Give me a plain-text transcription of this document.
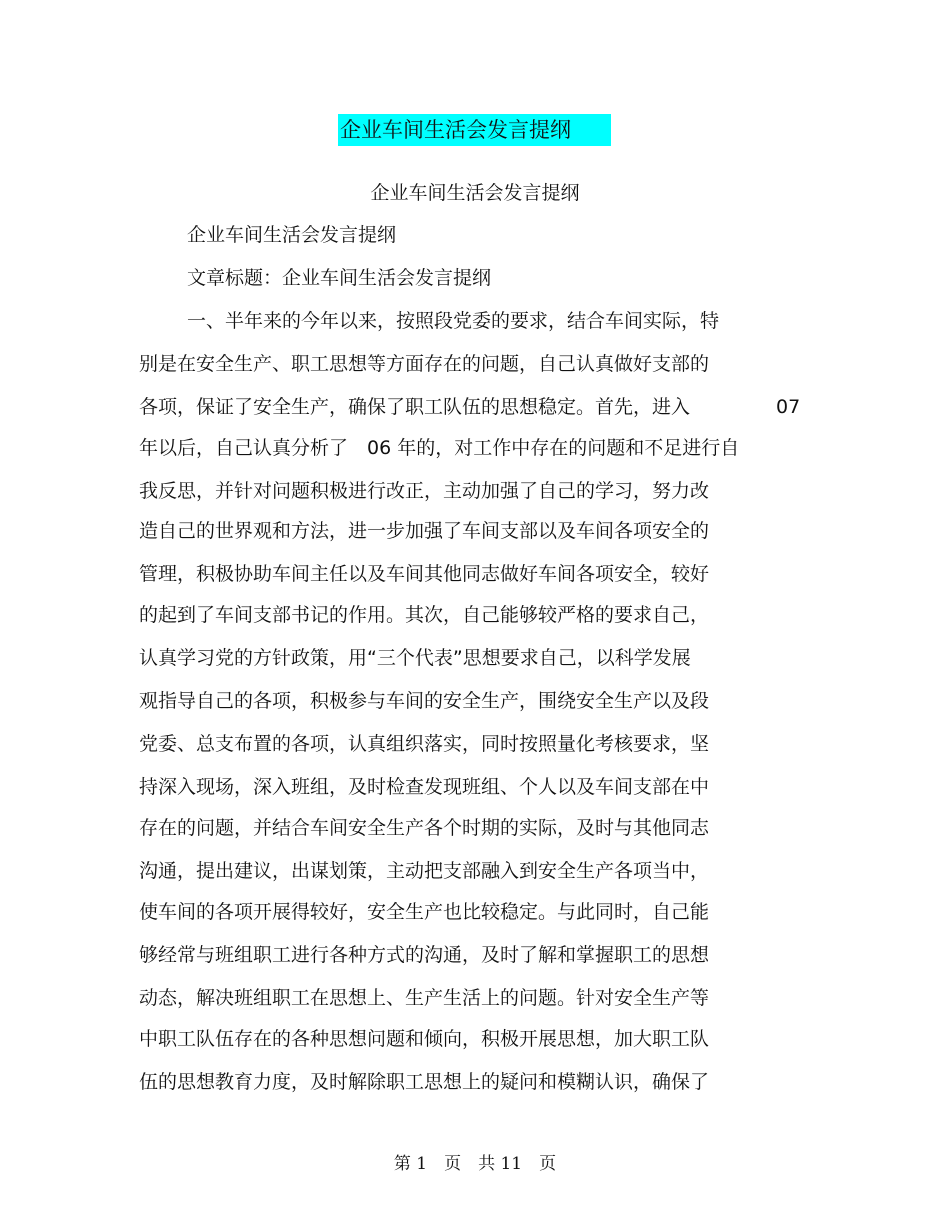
企业车间生活会发言提纲
企业车间生活会发言提纲
企业车间生活会发言提纲
文章标题：企业车间生活会发言提纲
一、半年来的今年以来，按照段党委的要求，结合车间实际，特
别是在安全生产、职工思想等方面存在的问题，自己认真做好支部的
各项，保证了安全生产，确保了职工队伍的思想稳定。首先，进入	07
年以后，自己认真分析了　06 年的，对工作中存在的问题和不足进行自
我反思，并针对问题积极进行改正，主动加强了自己的学习，努力改
造自己的世界观和方法，进一步加强了车间支部以及车间各项安全的
管理，积极协助车间主任以及车间其他同志做好车间各项安全，较好
的起到了车间支部书记的作用。其次，自己能够较严格的要求自己，
认真学习党的方针政策，用“三个代表”思想要求自己，以科学发展
观指导自己的各项，积极参与车间的安全生产，围绕安全生产以及段
党委、总支布置的各项，认真组织落实，同时按照量化考核要求，坚
持深入现场，深入班组，及时检查发现班组、个人以及车间支部在中
存在的问题，并结合车间安全生产各个时期的实际，及时与其他同志
沟通，提出建议，出谋划策，主动把支部融入到安全生产各项当中，
使车间的各项开展得较好，安全生产也比较稳定。与此同时，自己能
够经常与班组职工进行各种方式的沟通，及时了解和掌握职工的思想
动态，解决班组职工在思想上、生产生活上的问题。针对安全生产等
中职工队伍存在的各种思想问题和倾向，积极开展思想，加大职工队
伍的思想教育力度，及时解除职工思想上的疑问和模糊认识，确保了
第 1　页　共 11　页
